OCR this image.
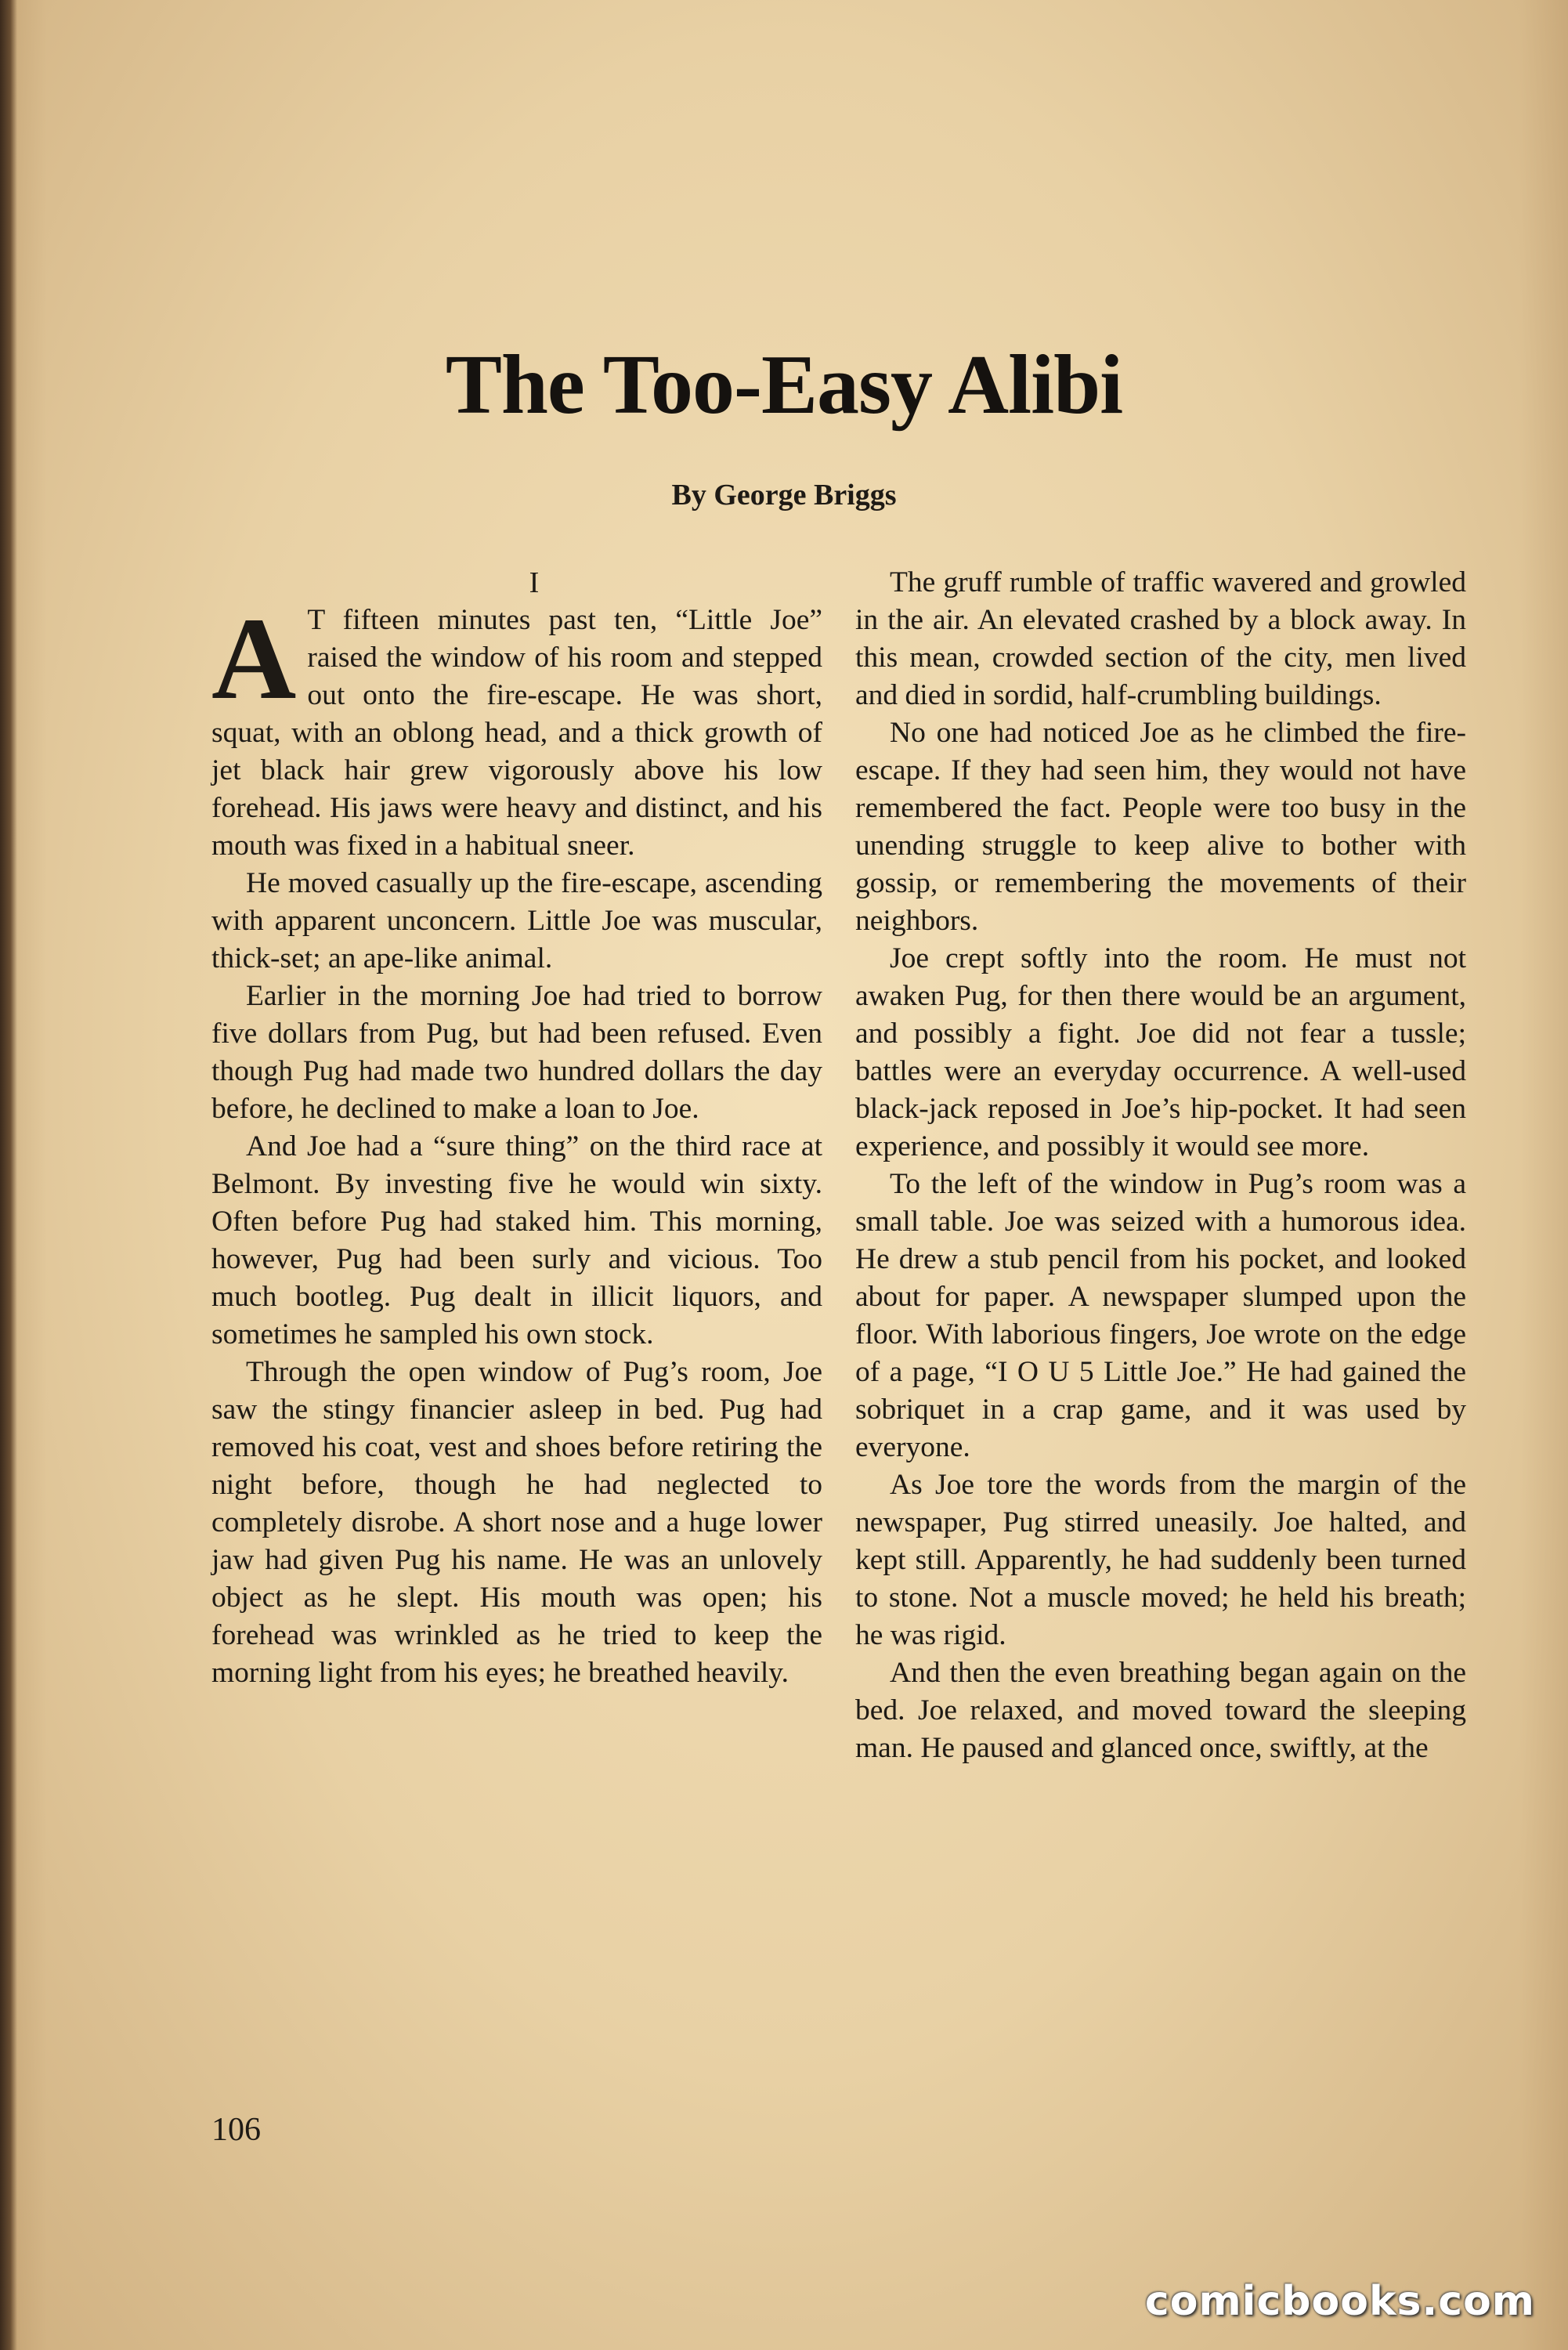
The Too-Easy Alibi

By George Briggs

I

A T fifteen minutes past ten, “Little Joe” raised the window of his room and stepped out onto the fire-escape. He was short, squat, with an oblong head, and a thick growth of jet black hair grew vigorously above his low forehead. His jaws were heavy and distinct, and his mouth was fixed in a habitual sneer.

He moved casually up the fire-escape, ascending with apparent unconcern. Little Joe was muscular, thick-set; an ape-like animal.

Earlier in the morning Joe had tried to borrow five dollars from Pug, but had been refused. Even though Pug had made two hundred dollars the day before, he declined to make a loan to Joe.

And Joe had a “sure thing” on the third race at Belmont. By investing five he would win sixty. Often before Pug had staked him. This morning, however, Pug had been surly and vicious. Too much bootleg. Pug dealt in illicit liquors, and sometimes he sampled his own stock.

Through the open window of Pug’s room, Joe saw the stingy financier asleep in bed. Pug had removed his coat, vest and shoes before retiring the night before, though he had neglected to completely disrobe. A short nose and a huge lower jaw had given Pug his name. He was an unlovely object as he slept. His mouth was open; his forehead was wrinkled as he tried to keep the morning light from his eyes; he breathed heavily.

The gruff rumble of traffic wavered and growled in the air. An elevated crashed by a block away. In this mean, crowded section of the city, men lived and died in sordid, half-crumbling buildings.

No one had noticed Joe as he climbed the fire-escape. If they had seen him, they would not have remembered the fact. People were too busy in the unending struggle to keep alive to bother with gossip, or remembering the movements of their neighbors.

Joe crept softly into the room. He must not awaken Pug, for then there would be an argument, and possibly a fight. Joe did not fear a tussle; battles were an everyday occurrence. A well-used black-jack reposed in Joe’s hip-pocket. It had seen experience, and possibly it would see more.

To the left of the window in Pug’s room was a small table. Joe was seized with a humorous idea. He drew a stub pencil from his pocket, and looked about for paper. A newspaper slumped upon the floor. With laborious fingers, Joe wrote on the edge of a page, “I O U 5 Little Joe.” He had gained the sobriquet in a crap game, and it was used by everyone.

As Joe tore the words from the margin of the newspaper, Pug stirred uneasily. Joe halted, and kept still. Apparently, he had suddenly been turned to stone. Not a muscle moved; he held his breath; he was rigid.

And then the even breathing began again on the bed. Joe relaxed, and moved toward the sleeping man. He paused and glanced once, swiftly, at the

106

comicbooks.com
